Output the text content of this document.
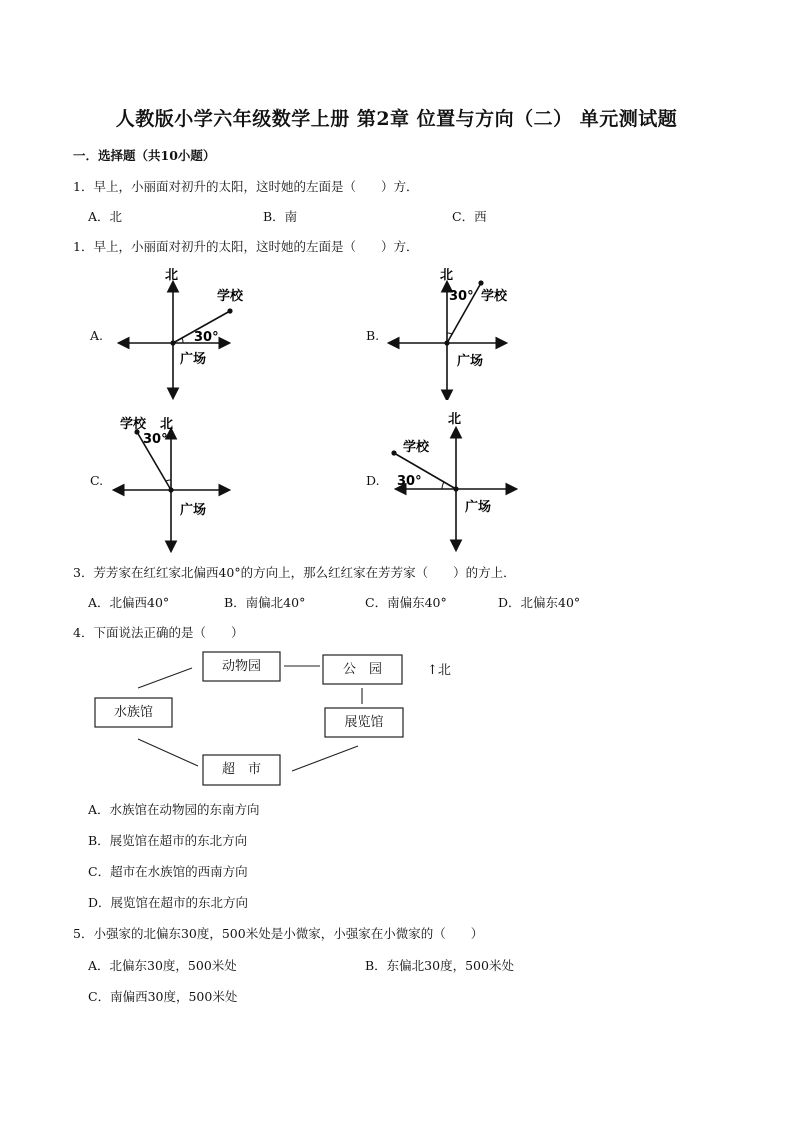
人教版小学六年级数学上册 第2章 位置与方向（二） 单元测试题
一．选择题（共10小题）
1．早上，小丽面对初升的太阳，这时她的左面是（　　）方．
A．北	B．南	C．西
1．早上，小丽面对初升的太阳，这时她的左面是（　　）方．
A.	B.
C.	D.
北
学校
30°
广场
北
30° 学校
广场
学校 北
30°
广场
北
学校
30°
广场
3．芳芳家在红红家北偏西40°的方向上，那么红红家在芳芳家（　　）的方上．
A．北偏西40°	B．南偏北40°	C．南偏东40°	D．北偏东40°
4．下面说法正确的是（　　）
动物园	公　园
水族馆
展览馆
超　市
↑北
A．水族馆在动物园的东南方向
B．展览馆在超市的东北方向
C．超市在水族馆的西南方向
D．展览馆在超市的东北方向
5．小强家的北偏东30度，500米处是小微家，小强家在小微家的（　　）
A．北偏东30度，500米处	B．东偏北30度，500米处
C．南偏西30度，500米处
